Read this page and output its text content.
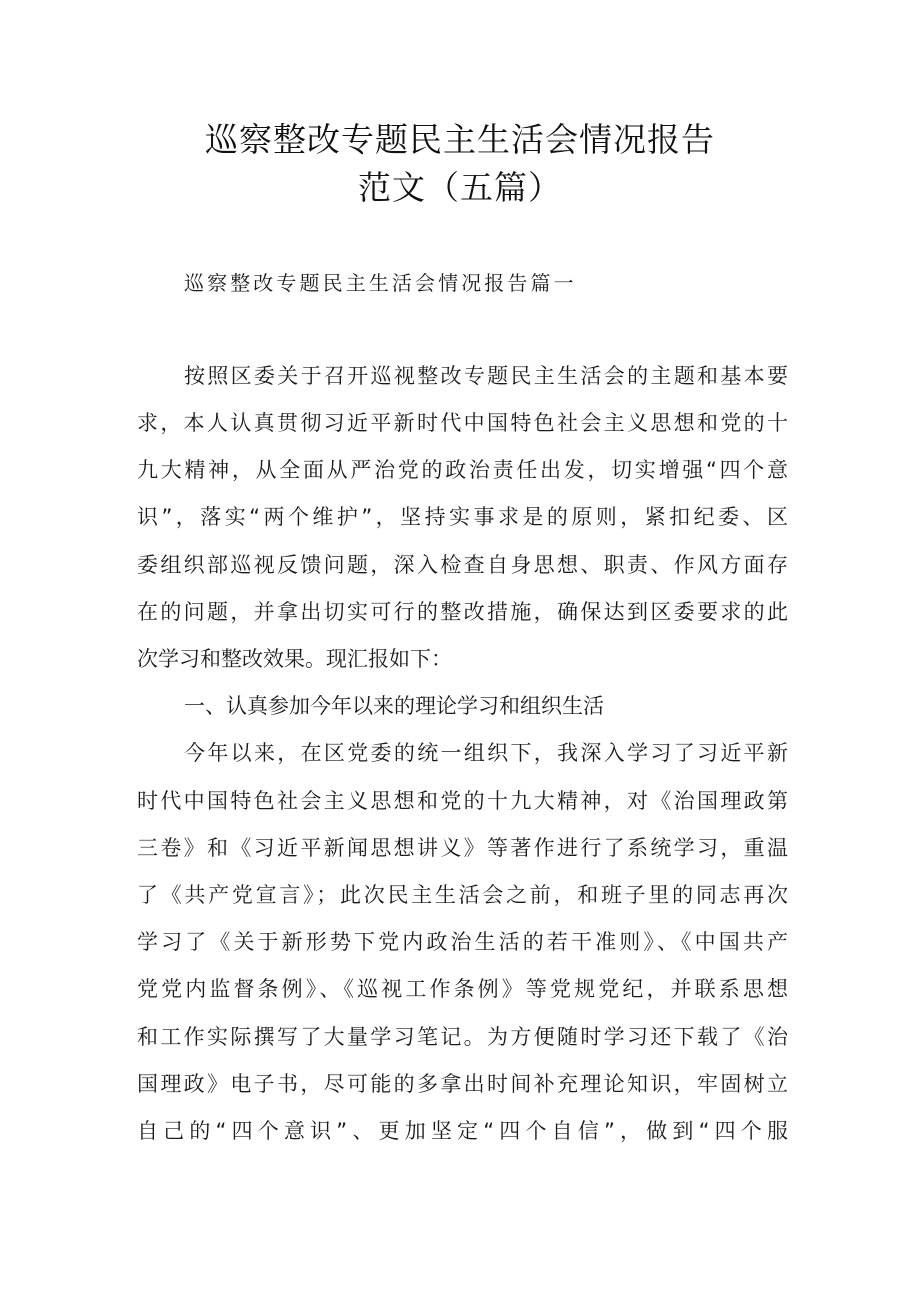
巡察整改专题民主生活会情况报告
范文（五篇）
巡察整改专题民主生活会情况报告篇一
按照区委关于召开巡视整改专题民主生活会的主题和基本要
求，本人认真贯彻习近平新时代中国特色社会主义思想和党的十
九大精神，从全面从严治党的政治责任出发，切实增强“四个意
识”，落实“两个维护”，坚持实事求是的原则，紧扣纪委、区
委组织部巡视反馈问题，深入检查自身思想、职责、作风方面存
在的问题，并拿出切实可行的整改措施，确保达到区委要求的此
次学习和整改效果。现汇报如下：
一、认真参加今年以来的理论学习和组织生活
今年以来，在区党委的统一组织下，我深入学习了习近平新
时代中国特色社会主义思想和党的十九大精神，对《治国理政第
三卷》和《习近平新闻思想讲义》等著作进行了系统学习，重温
了《共产党宣言》；此次民主生活会之前，和班子里的同志再次
学习了《关于新形势下党内政治生活的若干准则》、《中国共产
党党内监督条例》、《巡视工作条例》等党规党纪，并联系思想
和工作实际撰写了大量学习笔记。为方便随时学习还下载了《治
国理政》电子书，尽可能的多拿出时间补充理论知识，牢固树立
自己的“四个意识”、更加坚定“四个自信”，做到“四个服
